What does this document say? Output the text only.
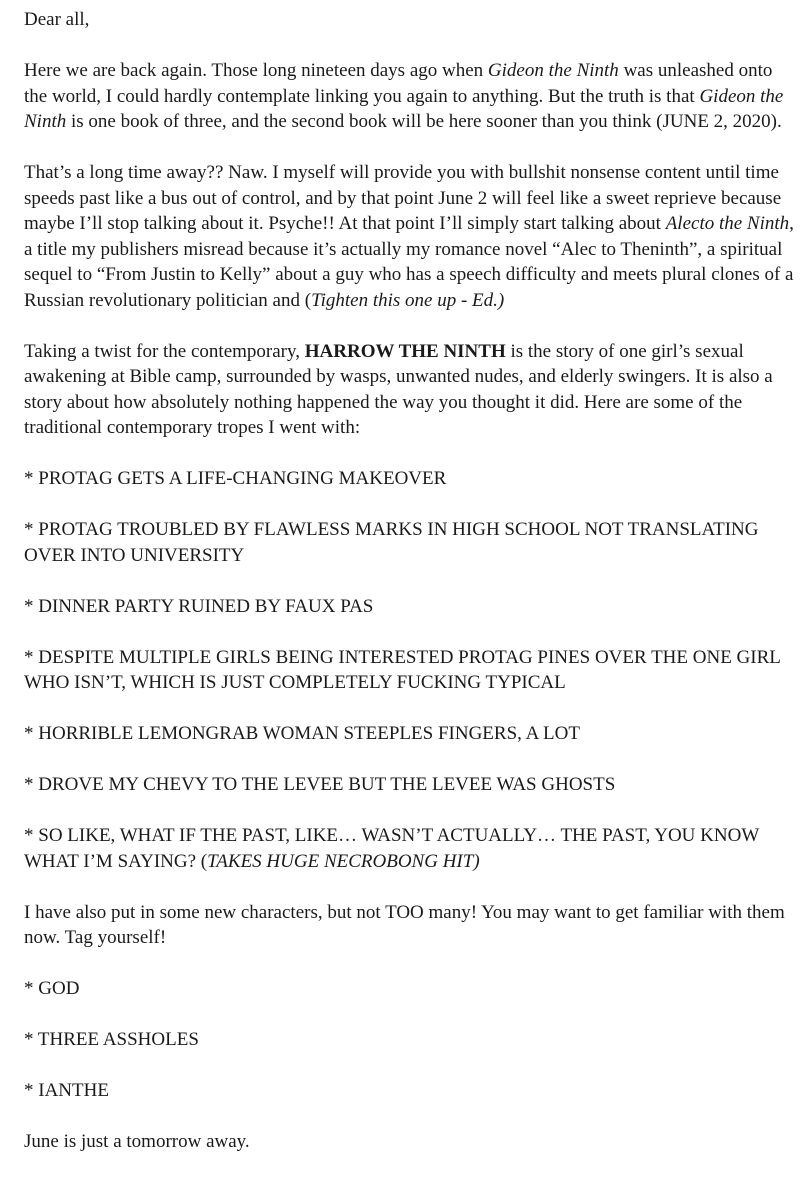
Dear all,

Here we are back again. Those long nineteen days ago when Gideon the Ninth was unleashed onto the world, I could hardly contemplate linking you again to anything. But the truth is that Gideon the Ninth is one book of three, and the second book will be here sooner than you think (JUNE 2, 2020).

That’s a long time away?? Naw. I myself will provide you with bullshit nonsense content until time speeds past like a bus out of control, and by that point June 2 will feel like a sweet reprieve because maybe I’ll stop talking about it. Psyche!! At that point I’ll simply start talking about Alecto the Ninth, a title my publishers misread because it’s actually my romance novel “Alec to Theninth”, a spiritual sequel to “From Justin to Kelly” about a guy who has a speech difficulty and meets plural clones of a Russian revolutionary politician and (Tighten this one up - Ed.)

Taking a twist for the contemporary, HARROW THE NINTH is the story of one girl’s sexual awakening at Bible camp, surrounded by wasps, unwanted nudes, and elderly swingers. It is also a story about how absolutely nothing happened the way you thought it did. Here are some of the traditional contemporary tropes I went with:

* PROTAG GETS A LIFE-CHANGING MAKEOVER

* PROTAG TROUBLED BY FLAWLESS MARKS IN HIGH SCHOOL NOT TRANSLATING OVER INTO UNIVERSITY

* DINNER PARTY RUINED BY FAUX PAS

* DESPITE MULTIPLE GIRLS BEING INTERESTED PROTAG PINES OVER THE ONE GIRL WHO ISN’T, WHICH IS JUST COMPLETELY FUCKING TYPICAL

* HORRIBLE LEMONGRAB WOMAN STEEPLES FINGERS, A LOT

* DROVE MY CHEVY TO THE LEVEE BUT THE LEVEE WAS GHOSTS

* SO LIKE, WHAT IF THE PAST, LIKE… WASN’T ACTUALLY… THE PAST, YOU KNOW WHAT I’M SAYING? (TAKES HUGE NECROBONG HIT)

I have also put in some new characters, but not TOO many! You may want to get familiar with them now. Tag yourself!

* GOD

* THREE ASSHOLES

* IANTHE

June is just a tomorrow away.
